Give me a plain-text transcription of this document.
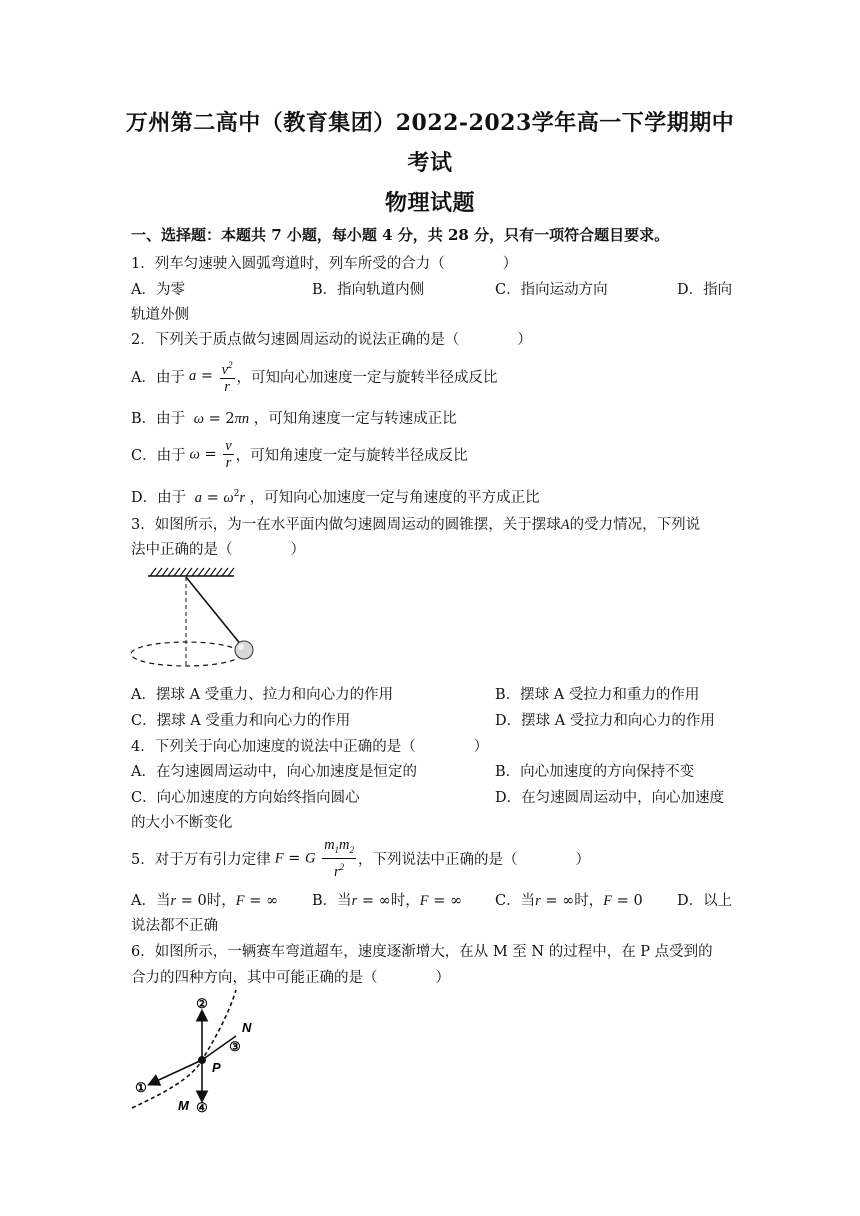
万州第二高中（教育集团）2022-2023学年高一下学期期中
考试
物理试题
一、选择题：本题共 7 小题，每小题 4 分，共 28 分，只有一项符合题目要求。
1．列车匀速驶入圆弧弯道时，列车所受的合力（　　　　）
A．为零	B．指向轨道内侧	C．指向运动方向	D．指向
轨道外侧
2．下列关于质点做匀速圆周运动的说法正确的是（　　　　）
A．由于 $a = \frac{v^2}{r}$ ，可知向心加速度一定与旋转半径成反比
B．由于 ω = 2πn ，可知角速度一定与转速成正比
C．由于 $\omega = \frac{v}{r}$ ，可知角速度一定与旋转半径成反比
D．由于 $a = \omega^2r$ ，可知向心加速度一定与角速度的平方成正比
3．如图所示，为一在水平面内做匀速圆周运动的圆锥摆，关于摆球A的受力情况，下列说
法中正确的是（　　　　）
A．摆球 A 受重力、拉力和向心力的作用	B．摆球 A 受拉力和重力的作用
C．摆球 A 受重力和向心力的作用	D．摆球 A 受拉力和向心力的作用
4．下列关于向心加速度的说法中正确的是（　　　　）
A．在匀速圆周运动中，向心加速度是恒定的	B．向心加速度的方向保持不变
C．向心加速度的方向始终指向圆心	D．在匀速圆周运动中，向心加速度
的大小不断变化
5．对于万有引力定律 F = G $\frac{m_1m_2}{r^2}$ ，下列说法中正确的是（　　　　）
A．当r = 0时，F = ∞ B．当r = ∞时，F = ∞ C．当r = ∞时，F = 0 D．以上
说法都不正确
6．如图所示，一辆赛车弯道超车，速度逐渐增大，在从 M 至 N 的过程中，在 P 点受到的
合力的四种方向，其中可能正确的是（　　　　）
②
④
③
①
N
P
M
